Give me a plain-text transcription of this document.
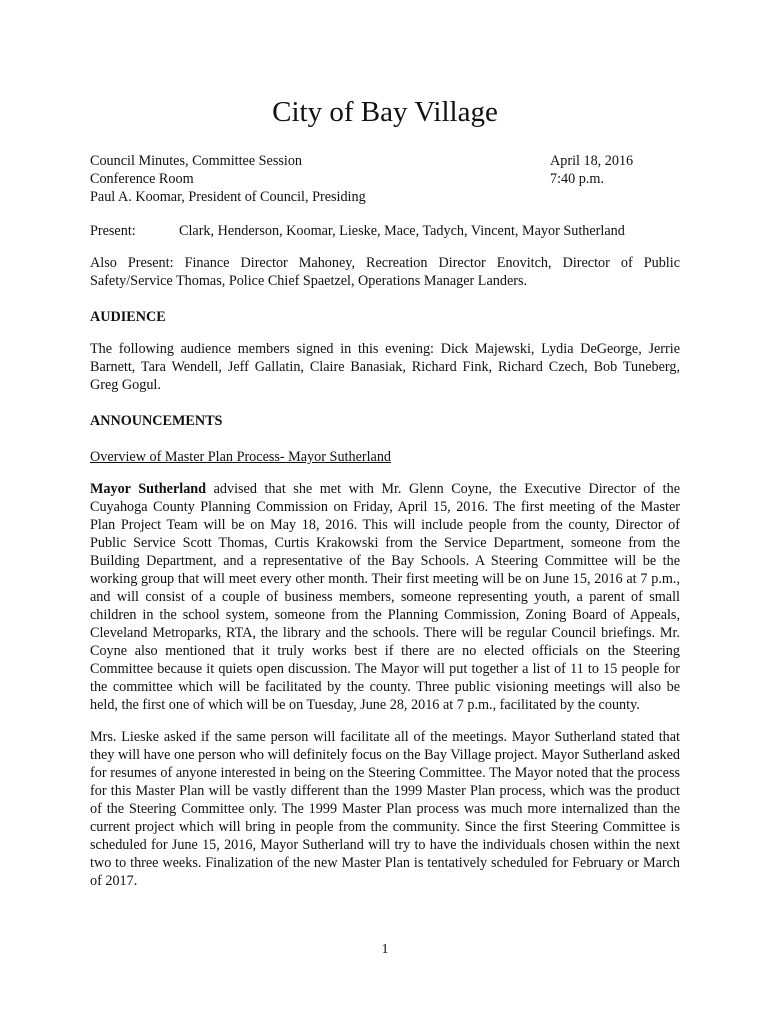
City of Bay Village
Council Minutes, Committee Session	April 18, 2016
Conference Room	7:40 p.m.
Paul A. Koomar, President of Council, Presiding
Present:	Clark, Henderson, Koomar, Lieske, Mace, Tadych, Vincent, Mayor Sutherland

Also Present: Finance Director Mahoney, Recreation Director Enovitch, Director of Public Safety/Service Thomas, Police Chief Spaetzel, Operations Manager Landers.

AUDIENCE

The following audience members signed in this evening: Dick Majewski, Lydia DeGeorge, Jerrie Barnett, Tara Wendell, Jeff Gallatin, Claire Banasiak, Richard Fink, Richard Czech, Bob Tuneberg, Greg Gogul.

ANNOUNCEMENTS
Overview of Master Plan Process- Mayor Sutherland

Mayor Sutherland advised that she met with Mr. Glenn Coyne, the Executive Director of the Cuyahoga County Planning Commission on Friday, April 15, 2016. The first meeting of the Master Plan Project Team will be on May 18, 2016. This will include people from the county, Director of Public Service Scott Thomas, Curtis Krakowski from the Service Department, someone from the Building Department, and a representative of the Bay Schools. A Steering Committee will be the working group that will meet every other month. Their first meeting will be on June 15, 2016 at 7 p.m., and will consist of a couple of business members, someone representing youth, a parent of small children in the school system, someone from the Planning Commission, Zoning Board of Appeals, Cleveland Metroparks, RTA, the library and the schools. There will be regular Council briefings. Mr. Coyne also mentioned that it truly works best if there are no elected officials on the Steering Committee because it quiets open discussion. The Mayor will put together a list of 11 to 15 people for the committee which will be facilitated by the county. Three public visioning meetings will also be held, the first one of which will be on Tuesday, June 28, 2016 at 7 p.m., facilitated by the county.

Mrs. Lieske asked if the same person will facilitate all of the meetings. Mayor Sutherland stated that they will have one person who will definitely focus on the Bay Village project. Mayor Sutherland asked for resumes of anyone interested in being on the Steering Committee. The Mayor noted that the process for this Master Plan will be vastly different than the 1999 Master Plan process, which was the product of the Steering Committee only. The 1999 Master Plan process was much more internalized than the current project which will bring in people from the community. Since the first Steering Committee is scheduled for June 15, 2016, Mayor Sutherland will try to have the individuals chosen within the next two to three weeks. Finalization of the new Master Plan is tentatively scheduled for February or March of 2017.

1
